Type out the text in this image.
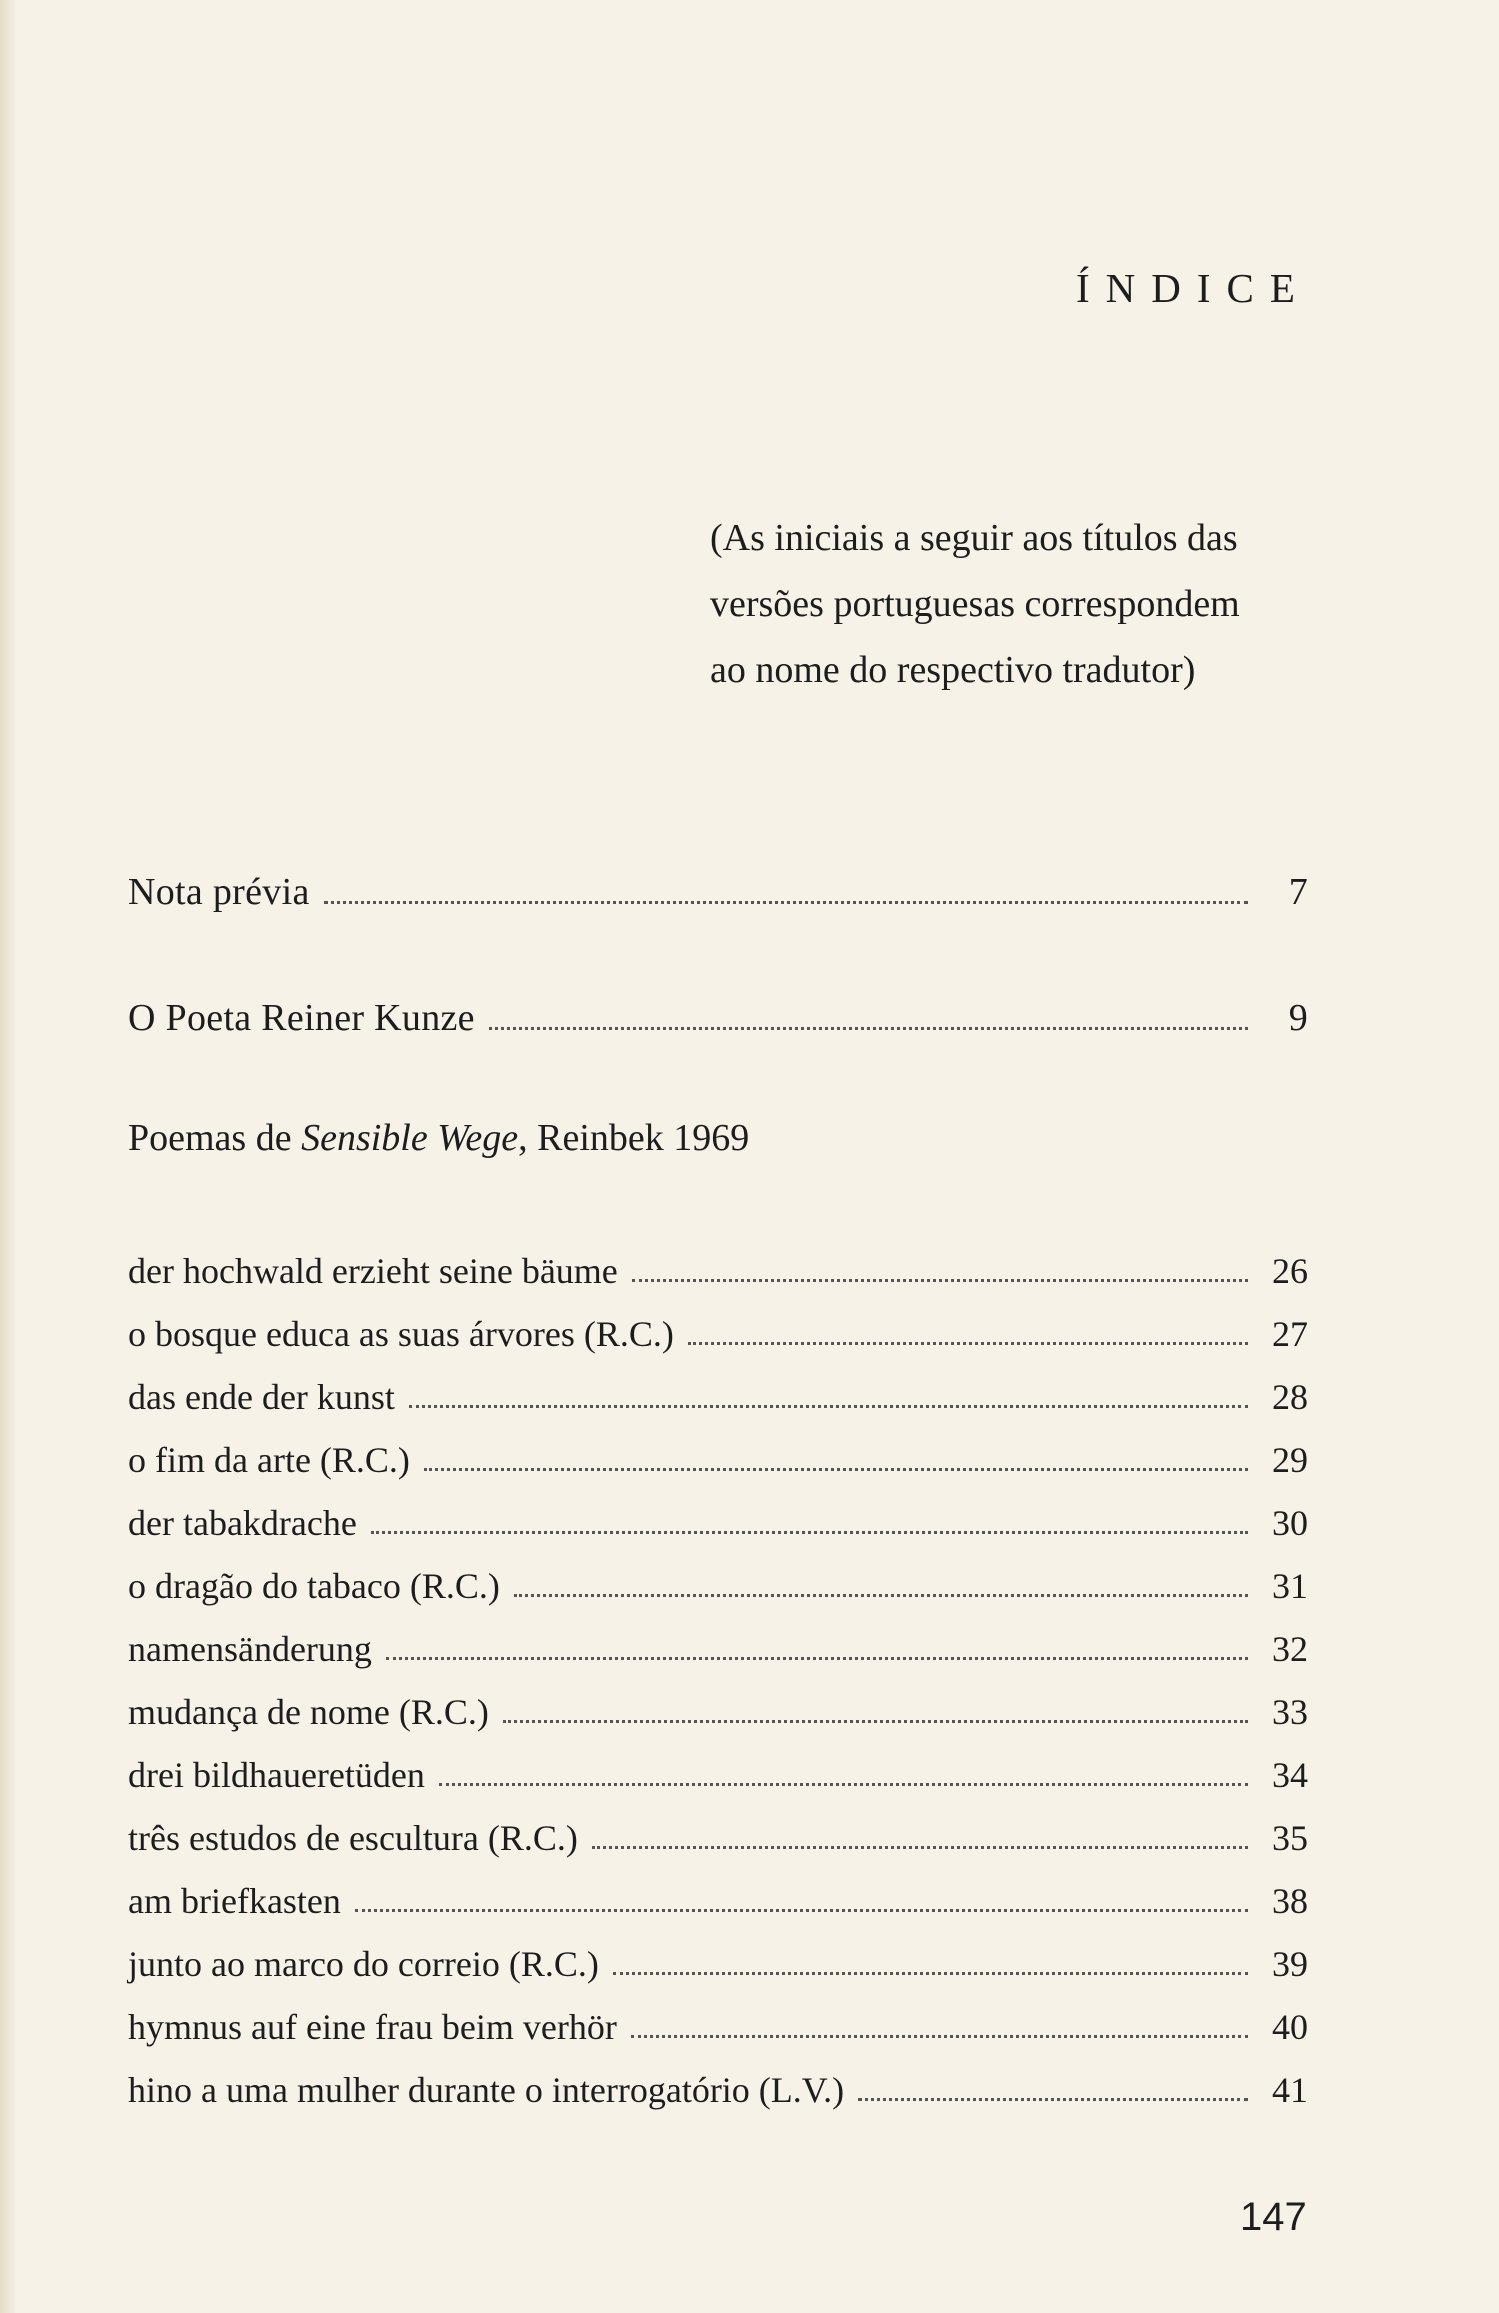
ÍNDICE
(As iniciais a seguir aos títulos das
versões portuguesas correspondem
ao nome do respectivo tradutor)
Nota prévia	7
O Poeta Reiner Kunze	9
Poemas de Sensible Wege, Reinbek 1969
der hochwald erzieht seine bäume	26
o bosque educa as suas árvores (R.C.)	27
das ende der kunst	28
o fim da arte (R.C.)	29
der tabakdrache	30
o dragão do tabaco (R.C.)	31
namensänderung	32
mudança de nome (R.C.)	33
drei bildhaueretüden	34
três estudos de escultura (R.C.)	35
am briefkasten	38
junto ao marco do correio (R.C.)	39
hymnus auf eine frau beim verhör	40
hino a uma mulher durante o interrogatório (L.V.)	41
147
